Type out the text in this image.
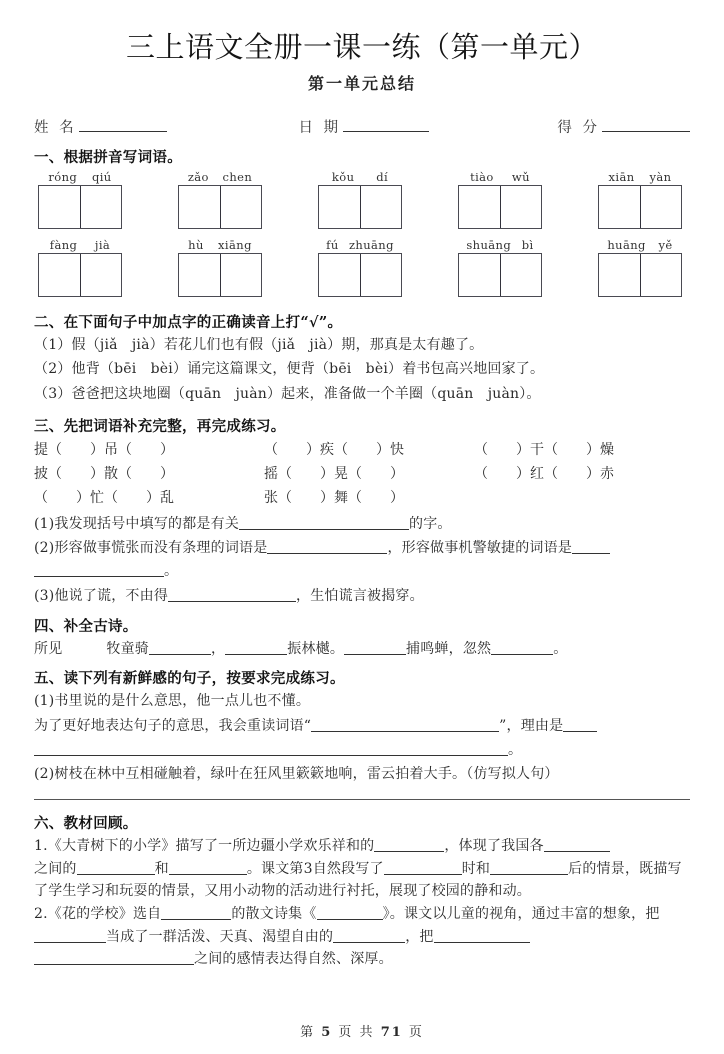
三上语文全册一课一练（第一单元）
第一单元总结
姓 名	日 期	得 分
一、根据拼音写词语。
róng qiú	zǎo chen	kǒu dí	tiào wǔ	xiān yàn
fàng jià	hù xiāng	fú zhuāng	shuāng bì	huāng yě
二、在下面句子中加点字的正确读音上打“√”。
（1）假（jiǎ　jià）若花儿们也有假（jiǎ　jià）期，那真是太有趣了。
（2）他背（bēi　bèi）诵完这篇课文，便背（bēi　bèi）着书包高兴地回家了。
（3）爸爸把这块地圈（quān　juàn）起来，准备做一个羊圈（quān　juàn）。
三、先把词语补充完整，再完成练习。
提（　　）吊（　　）	（　　）疾（　　）快	（　　）干（　　）燥
披（　　）散（　　）	摇（　　）晃（　　）	（　　）红（　　）赤
（　　）忙（　　）乱	张（　　）舞（　　）
(1)我发现括号中填写的都是有关	的字。
(2)形容做事慌张而没有条理的词语是	，形容做事机警敏捷的词语是
。
(3)他说了谎，不由得	，生怕谎言被揭穿。
四、补全古诗。
所见	牧童骑	，	振林樾。	捕鸣蝉，忽然	。
五、读下列有新鲜感的句子，按要求完成练习。
(1)书里说的是什么意思，他一点儿也不懂。
为了更好地表达句子的意思，我会重读词语“	”，理由是
。
(2)树枝在林中互相碰触着，绿叶在狂风里簌簌地响，雷云拍着大手。（仿写拟人句）
六、教材回顾。
1.《大青树下的小学》描写了一所边疆小学欢乐祥和的	，体现了我国各
之间的	和	。课文第3自然段写了	时和	后的情景，既描写了学生学习和玩耍的情景，又用小动物的活动进行衬托，展现了校园的静和动。
2.《花的学校》选自	的散文诗集《	》。课文以儿童的视角，通过丰富的想象，把当成了一群活泼、天真、渴望自由的	，把
之间的感情表达得自然、深厚。
第 5 页 共 71 页
